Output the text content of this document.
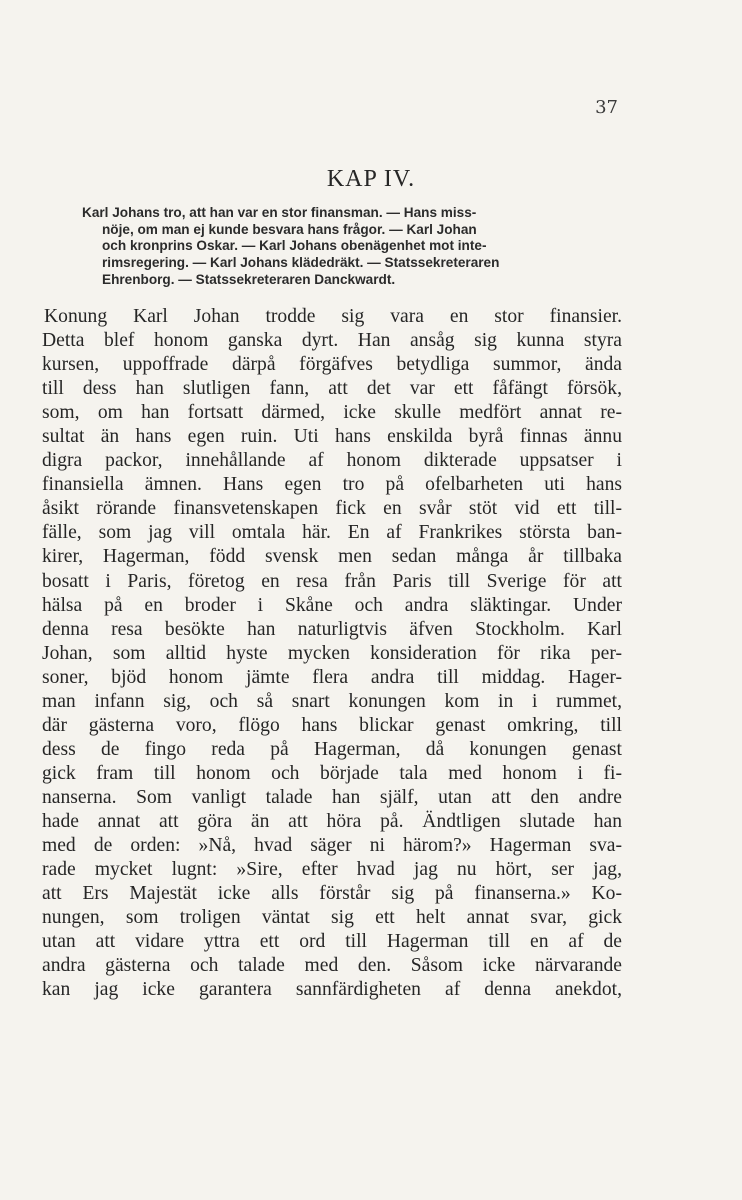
37
KAP IV.
Karl Johans tro, att han var en stor finansman. — Hans miss-
nöje, om man ej kunde besvara hans frågor. — Karl Johan
och kronprins Oskar. — Karl Johans obenägenhet mot inte-
rimsregering. — Karl Johans klädedräkt. — Statssekreteraren
Ehrenborg. — Statssekreteraren Danckwardt.
Konung Karl Johan trodde sig vara en stor finansier.
Detta blef honom ganska dyrt. Han ansåg sig kunna styra
kursen, uppoffrade därpå förgäfves betydliga summor, ända
till dess han slutligen fann, att det var ett fåfängt försök,
som, om han fortsatt därmed, icke skulle medfört annat re-
sultat än hans egen ruin. Uti hans enskilda byrå finnas ännu
digra packor, innehållande af honom dikterade uppsatser i
finansiella ämnen. Hans egen tro på ofelbarheten uti hans
åsikt rörande finansvetenskapen fick en svår stöt vid ett till-
fälle, som jag vill omtala här. En af Frankrikes största ban-
kirer, Hagerman, född svensk men sedan många år tillbaka
bosatt i Paris, företog en resa från Paris till Sverige för att
hälsa på en broder i Skåne och andra släktingar. Under
denna resa besökte han naturligtvis äfven Stockholm. Karl
Johan, som alltid hyste mycken konsideration för rika per-
soner, bjöd honom jämte flera andra till middag. Hager-
man infann sig, och så snart konungen kom in i rummet,
där gästerna voro, flögo hans blickar genast omkring, till
dess de fingo reda på Hagerman, då konungen genast
gick fram till honom och började tala med honom i fi-
nanserna. Som vanligt talade han själf, utan att den andre
hade annat att göra än att höra på. Ändtligen slutade han
med de orden: »Nå, hvad säger ni härom?» Hagerman sva-
rade mycket lugnt: »Sire, efter hvad jag nu hört, ser jag,
att Ers Majestät icke alls förstår sig på finanserna.» Ko-
nungen, som troligen väntat sig ett helt annat svar, gick
utan att vidare yttra ett ord till Hagerman till en af de
andra gästerna och talade med den. Såsom icke närvarande
kan jag icke garantera sannfärdigheten af denna anekdot,
